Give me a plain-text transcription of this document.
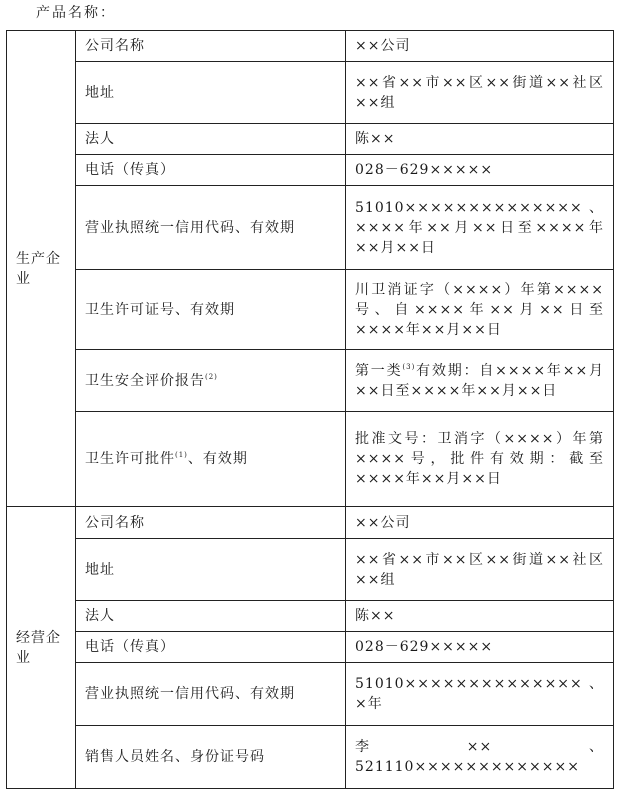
产品名称：
生产企业	公司名称	××公司
	地址	××省××市××区××街道××社区××组
	法人	陈××
	电话（传真）	028－629×××××
	营业执照统一信用代码、有效期	51010××××××××××××××、××××年××月××日至××××年××月××日
	卫生许可证号、有效期	川卫消证字（××××）年第××××号、自××××年××月××日至××××年××月××日
	卫生安全评价报告$^{(2)}$	第一类$^{(3)}$有效期：自××××年××月××日至××××年××月××日
	卫生许可批件$^{(1)}$、有效期	批准文号：卫消字（××××）年第××××号，批件有效期：截至××××年××月××日
经营企业	公司名称	××公司
	地址	××省××市××区××街道××社区××组
	法人	陈××
	电话（传真）	028－629×××××
	营业执照统一信用代码、有效期	51010××××××××××××××、×年
	销售人员姓名、身份证号码	李××、521110×××××××××××××
